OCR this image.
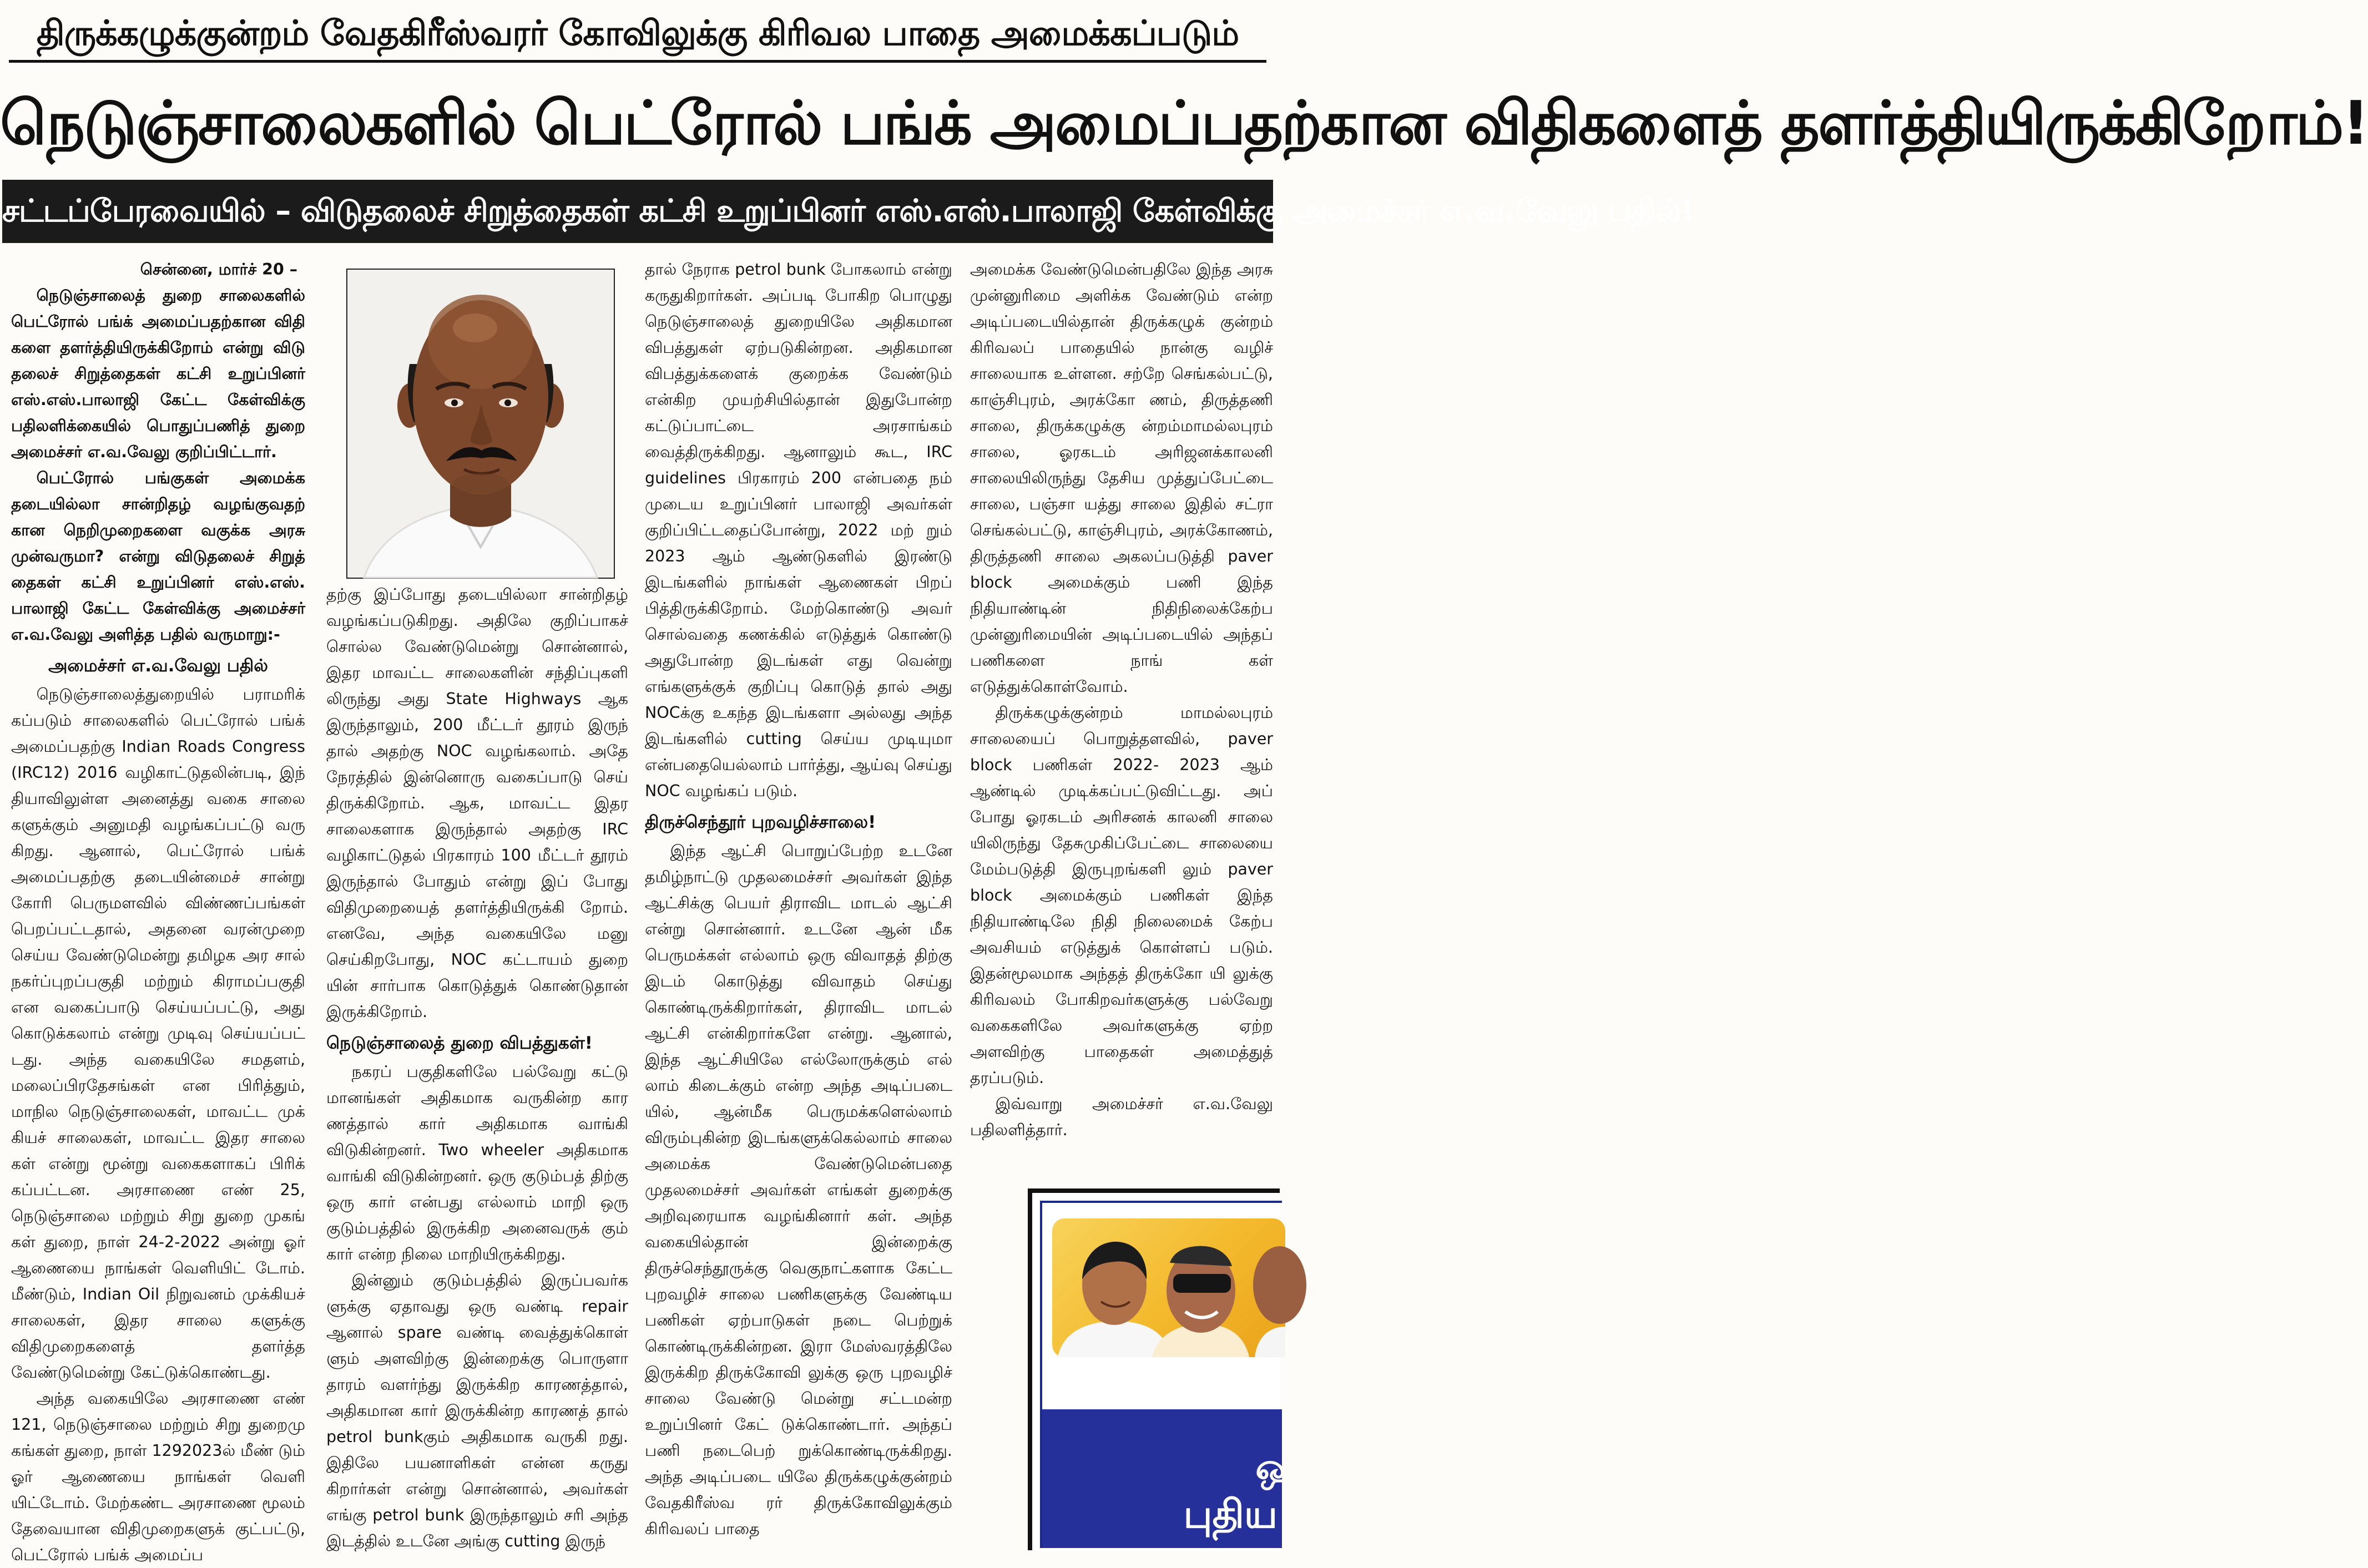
திருக்கழுக்குன்றம் வேதகிரீஸ்வரர் கோவிலுக்கு கிரிவல பாதை அமைக்கப்படும்
நெடுஞ்சாலைகளில் பெட்ரோல் பங்க் அமைப்பதற்கான விதிகளைத் தளர்த்தியிருக்கிறோம்!
சட்டப்பேரவையில் – விடுதலைச் சிறுத்தைகள் கட்சி உறுப்பினர் எஸ்.எஸ்.பாலாஜி கேள்விக்கு அமைச்சர் எ.வ.வேலு பதில்!

சென்னை, மார்ச் 20 –

நெடுஞ்சாலைத் துறை சாலைகளில் பெட்ரோல் பங்க் அமைப்பதற்கான விதி களை தளர்த்தியிருக்கிறோம் என்று விடு தலைச் சிறுத்தைகள் கட்சி உறுப்பினர் எஸ்.எஸ்.பாலாஜி கேட்ட கேள்விக்கு பதிலளிக்கையில் பொதுப்பணித் துறை அமைச்சர் எ.வ.வேலு குறிப்பிட்டார்.

பெட்ரோல் பங்குகள் அமைக்க தடையில்லா சான்றிதழ் வழங்குவதற் கான நெறிமுறைகளை வகுக்க அரசு முன்வருமா? என்று விடுதலைச் சிறுத் தைகள் கட்சி உறுப்பினர் எஸ்.எஸ். பாலாஜி கேட்ட கேள்விக்கு அமைச்சர் எ.வ.வேலு அளித்த பதில் வருமாறு:-

அமைச்சர் எ.வ.வேலு பதில்

நெடுஞ்சாலைத்துறையில் பராமரிக் கப்படும் சாலைகளில் பெட்ரோல் பங்க் அமைப்பதற்கு Indian Roads Congress (IRC12) 2016 வழிகாட்டுதலின்படி, இந் தியாவிலுள்ள அனைத்து வகை சாலை களுக்கும் அனுமதி வழங்கப்பட்டு வரு கிறது. ஆனால், பெட்ரோல் பங்க் அமைப்பதற்கு தடையின்மைச் சான்று கோரி பெருமளவில் விண்ணப்பங்கள் பெறப்பட்டதால், அதனை வரன்முறை செய்ய வேண்டுமென்று தமிழக அர சால் நகர்ப்புறப்பகுதி மற்றும் கிராமப்பகுதி என வகைப்பாடு செய்யப்பட்டு, அது கொடுக்கலாம் என்று முடிவு செய்யப்பட் டது. அந்த வகையிலே சமதளம், மலைப்பிரதேசங்கள் என பிரித்தும், மாநில நெடுஞ்சாலைகள், மாவட்ட முக் கியச் சாலைகள், மாவட்ட இதர சாலை கள் என்று மூன்று வகைகளாகப் பிரிக் கப்பட்டன. அரசாணை எண் 25, நெடுஞ்சாலை மற்றும் சிறு துறை முகங் கள் துறை, நாள் 24-2-2022 அன்று ஓர் ஆணையை நாங்கள் வெளியிட் டோம். மீண்டும், Indian Oil நிறுவனம் முக்கியச் சாலைகள், இதர சாலை களுக்கு விதிமுறைகளைத் தளர்த்த வேண்டுமென்று கேட்டுக்கொண்டது.

அந்த வகையிலே அரசாணை எண் 121, நெடுஞ்சாலை மற்றும் சிறு துறைமு கங்கள் துறை, நாள் 1292023ல் மீண் டும் ஓர் ஆணையை நாங்கள் வெளி யிட்டோம். மேற்கண்ட அரசாணை மூலம் தேவையான விதிமுறைகளுக் குட்பட்டு, பெட்ரோல் பங்க் அமைப்ப

தற்கு இப்போது தடையில்லா சான்றிதழ் வழங்கப்படுகிறது. அதிலே குறிப்பாகச் சொல்ல வேண்டுமென்று சொன்னால், இதர மாவட்ட சாலைகளின் சந்திப்புகளி லிருந்து அது State Highways ஆக இருந்தாலும், 200 மீட்டர் தூரம் இருந் தால் அதற்கு NOC வழங்கலாம். அதே நேரத்தில் இன்னொரு வகைப்பாடு செய் திருக்கிறோம். ஆக, மாவட்ட இதர சாலைகளாக இருந்தால் அதற்கு IRC வழிகாட்டுதல் பிரகாரம் 100 மீட்டர் தூரம் இருந்தால் போதும் என்று இப் போது விதிமுறையைத் தளர்த்தியிருக்கி றோம். எனவே, அந்த வகையிலே மனு செய்கிறபோது, NOC கட்டாயம் துறை யின் சார்பாக கொடுத்துக் கொண்டுதான் இருக்கிறோம்.

நெடுஞ்சாலைத் துறை விபத்துகள்!

நகரப் பகுதிகளிலே பல்வேறு கட்டு மானங்கள் அதிகமாக வருகின்ற கார ணத்தால் கார் அதிகமாக வாங்கி விடுகின்றனர். Two wheeler அதிகமாக வாங்கி விடுகின்றனர். ஒரு குடும்பத் திற்கு ஒரு கார் என்பது எல்லாம் மாறி ஒரு குடும்பத்தில் இருக்கிற அனைவருக் கும் கார் என்ற நிலை மாறியிருக்கிறது.

இன்னும் குடும்பத்தில் இருப்பவர்க ளுக்கு ஏதாவது ஒரு வண்டி repair ஆனால் spare வண்டி வைத்துக்கொள் ளும் அளவிற்கு இன்றைக்கு பொருளா தாரம் வளர்ந்து இருக்கிற காரணத்தால், அதிகமான கார் இருக்கின்ற காரணத் தால் petrol bunkகும் அதிகமாக வருகி றது. இதிலே பயனாளிகள் என்ன கருது கிறார்கள் என்று சொன்னால், அவர்கள் எங்கு petrol bunk இருந்தாலும் சரி அந்த இடத்தில் உடனே அங்கு cutting இருந்

தால் நேராக petrol bunk போகலாம் என்று கருதுகிறார்கள். அப்படி போகிற பொழுது நெடுஞ்சாலைத் துறையிலே அதிகமான விபத்துகள் ஏற்படுகின்றன. அதிகமான விபத்துக்களைக் குறைக்க வேண்டும் என்கிற முயற்சியில்தான் இதுபோன்ற கட்டுப்பாட்டை அரசாங்கம் வைத்திருக்கிறது. ஆனாலும் கூட, IRC guidelines பிரகாரம் 200 என்பதை நம் முடைய உறுப்பினர் பாலாஜி அவர்கள் குறிப்பிட்டதைப்போன்று, 2022 மற் றும் 2023 ஆம் ஆண்டுகளில் இரண்டு இடங்களில் நாங்கள் ஆணைகள் பிறப் பித்திருக்கிறோம். மேற்கொண்டு அவர் சொல்வதை கணக்கில் எடுத்துக் கொண்டு அதுபோன்ற இடங்கள் எது வென்று எங்களுக்குக் குறிப்பு கொடுத் தால் அது NOCக்கு உகந்த இடங்களா அல்லது அந்த இடங்களில் cutting செய்ய முடியுமா என்பதையெல்லாம் பார்த்து, ஆய்வு செய்து NOC வழங்கப் படும்.

திருச்செந்தூர் புறவழிச்சாலை!

இந்த ஆட்சி பொறுப்பேற்ற உடனே தமிழ்நாட்டு முதலமைச்சர் அவர்கள் இந்த ஆட்சிக்கு பெயர் திராவிட மாடல் ஆட்சி என்று சொன்னார். உடனே ஆன் மீக பெருமக்கள் எல்லாம் ஒரு விவாதத் திற்கு இடம் கொடுத்து விவாதம் செய்து கொண்டிருக்கிறார்கள், திராவிட மாடல் ஆட்சி என்கிறார்களே என்று. ஆனால், இந்த ஆட்சியிலே எல்லோருக்கும் எல் லாம் கிடைக்கும் என்ற அந்த அடிப்படை யில், ஆன்மீக பெருமக்களெல்லாம் விரும்புகின்ற இடங்களுக்கெல்லாம் சாலை அமைக்க வேண்டுமென்பதை முதலமைச்சர் அவர்கள் எங்கள் துறைக்கு அறிவுரையாக வழங்கினார் கள். அந்த வகையில்தான் இன்றைக்கு திருச்செந்தூருக்கு வெகுநாட்களாக கேட்ட புறவழிச் சாலை பணிகளுக்கு வேண்டிய பணிகள் ஏற்பாடுகள் நடை பெற்றுக் கொண்டிருக்கின்றன. இரா மேஸ்வரத்திலே இருக்கிற திருக்கோவி லுக்கு ஒரு புறவழிச் சாலை வேண்டு மென்று சட்டமன்ற உறுப்பினர் கேட் டுக்கொண்டார். அந்தப் பணி நடைபெற் றுக்கொண்டிருக்கிறது. அந்த அடிப்படை யிலே திருக்கழுக்குன்றம் வேதகிரீஸ்வ ரர் திருக்கோவிலுக்கும் கிரிவலப் பாதை

அமைக்க வேண்டுமென்பதிலே இந்த அரசு முன்னுரிமை அளிக்க வேண்டும் என்ற அடிப்படையில்தான் திருக்கழுக் குன்றம் கிரிவலப் பாதையில் நான்கு வழிச் சாலையாக உள்ளன. சற்றே செங்கல்பட்டு, காஞ்சிபுரம், அரக்கோ ணம், திருத்தணி சாலை, திருக்கழுக்கு ன்றம்மாமல்லபுரம் சாலை, ஓரகடம் அரிஜனக்காலனி சாலையிலிருந்து தேசிய முத்துப்பேட்டை சாலை, பஞ்சா யத்து சாலை இதில் சட்ரா செங்கல்பட்டு, காஞ்சிபுரம், அரக்கோணம், திருத்தணி சாலை அகலப்படுத்தி paver block அமைக்கும் பணி இந்த நிதியாண்டின் நிதிநிலைக்கேற்ப முன்னுரிமையின் அடிப்படையில் அந்தப் பணிகளை நாங் கள் எடுத்துக்கொள்வோம்.

திருக்கழுக்குன்றம் மாமல்லபுரம் சாலையைப் பொறுத்தளவில், paver block பணிகள் 2022- 2023 ஆம் ஆண்டில் முடிக்கப்பட்டுவிட்டது. அப் போது ஓரகடம் அரிசனக் காலனி சாலை யிலிருந்து தேசுமுகிப்பேட்டை சாலையை மேம்படுத்தி இருபுறங்களி லும் paver block அமைக்கும் பணிகள் இந்த நிதியாண்டிலே நிதி நிலைமைக் கேற்ப அவசியம் எடுத்துக் கொள்ளப் படும். இதன்மூலமாக அந்தத் திருக்கோ யி லுக்கு கிரிவலம் போகிறவர்களுக்கு பல்வேறு வகைகளிலே அவர்களுக்கு ஏற்ற அளவிற்கு பாதைகள் அமைத்துத் தரப்படும்.

இவ்வாறு அமைச்சர் எ.வ.வேலு பதிலளித்தார்.

ஒ
புதிய
